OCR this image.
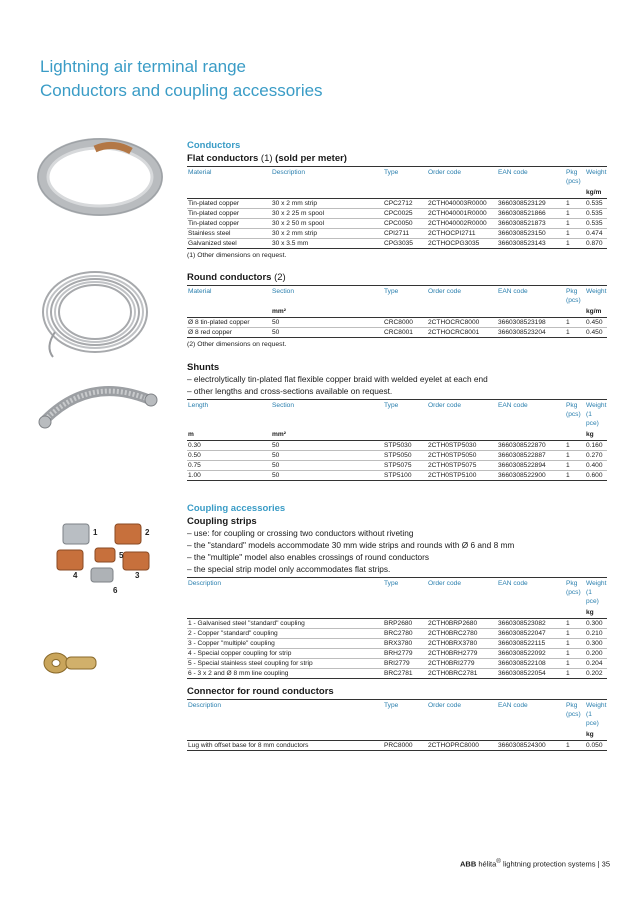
Lightning air terminal range
Conductors and coupling accessories
1	2
5
4	3
6
Conductors
Flat conductors (1) (sold per meter)
Material	Description	Type	Order code	EAN code	Pkg (pcs)	Weight
						kg/m
Tin-plated copper	30 x 2 mm strip	CPC2712	2CTH040003R0000	3660308523129	1	0.535
Tin-plated copper	30 x 2 25 m spool	CPC0025	2CTH040001R0000	3660308521866	1	0.535
Tin-plated copper	30 x 2 50 m spool	CPC0050	2CTH040002R0000	3660308521873	1	0.535
Stainless steel	30 x 2 mm strip	CPI2711	2CTHOCPI2711	3660308523150	1	0.474
Galvanized steel	30 x 3.5 mm	CPG3035	2CTHOCPG3035	3660308523143	1	0.870
(1) Other dimensions on request.
Round conductors (2)
Material	Section	Type	Order code	EAN code	Pkg (pcs)	Weight
	mm²					kg/m
Ø 8 tin-plated copper	50	CRC8000	2CTHOCRC8000	3660308523198	1	0.450
Ø 8 red copper	50	CRC8001	2CTHOCRC8001	3660308523204	1	0.450
(2) Other dimensions on request.
Shunts
– electrolytically tin-plated flat flexible copper braid with welded eyelet at each end
– other lengths and cross-sections available on request.
Length	Section	Type	Order code	EAN code	Pkg (pcs)	Weight (1 pce)
m	mm²					kg
0.30	50	STP5030	2CTH0STP5030	3660308522870	1	0.160
0.50	50	STP5050	2CTH0STP5050	3660308522887	1	0.270
0.75	50	STP5075	2CTH0STP5075	3660308522894	1	0.400
1.00	50	STP5100	2CTH0STP5100	3660308522900	1	0.600
Coupling accessories
Coupling strips
– use: for coupling or crossing two conductors without riveting
– the "standard" models accommodate 30 mm wide strips and rounds with Ø 6 and 8 mm
– the "multiple" model also enables crossings of round conductors
– the special strip model only accommodates flat strips.
Description	Type	Order code	EAN code	Pkg (pcs)	Weight (1 pce)
					kg
1 - Galvanised steel "standard" coupling	BRP2680	2CTH0BRP2680	3660308523082	1	0.300
2 - Copper "standard" coupling	BRC2780	2CTH0BRC2780	3660308522047	1	0.210
3 - Copper "multiple" coupling	BRX3780	2CTH0BRX3780	3660308522115	1	0.300
4 - Special copper coupling for strip	BRH2779	2CTH0BRH2779	3660308522092	1	0.200
5 - Special stainless steel coupling for strip	BRI2779	2CTH0BRI2779	3660308522108	1	0.204
6 - 3 x 2 and Ø 8 mm line coupling	BRC2781	2CTH0BRC2781	3660308522054	1	0.202
Connector for round conductors
Description	Type	Order code	EAN code	Pkg (pcs)	Weight (1 pce)
					kg
Lug with offset base for 8 mm conductors	PRC8000	2CTHOPRC8000	3660308524300	1	0.050
ABB hélita® lightning protection systems | 35
